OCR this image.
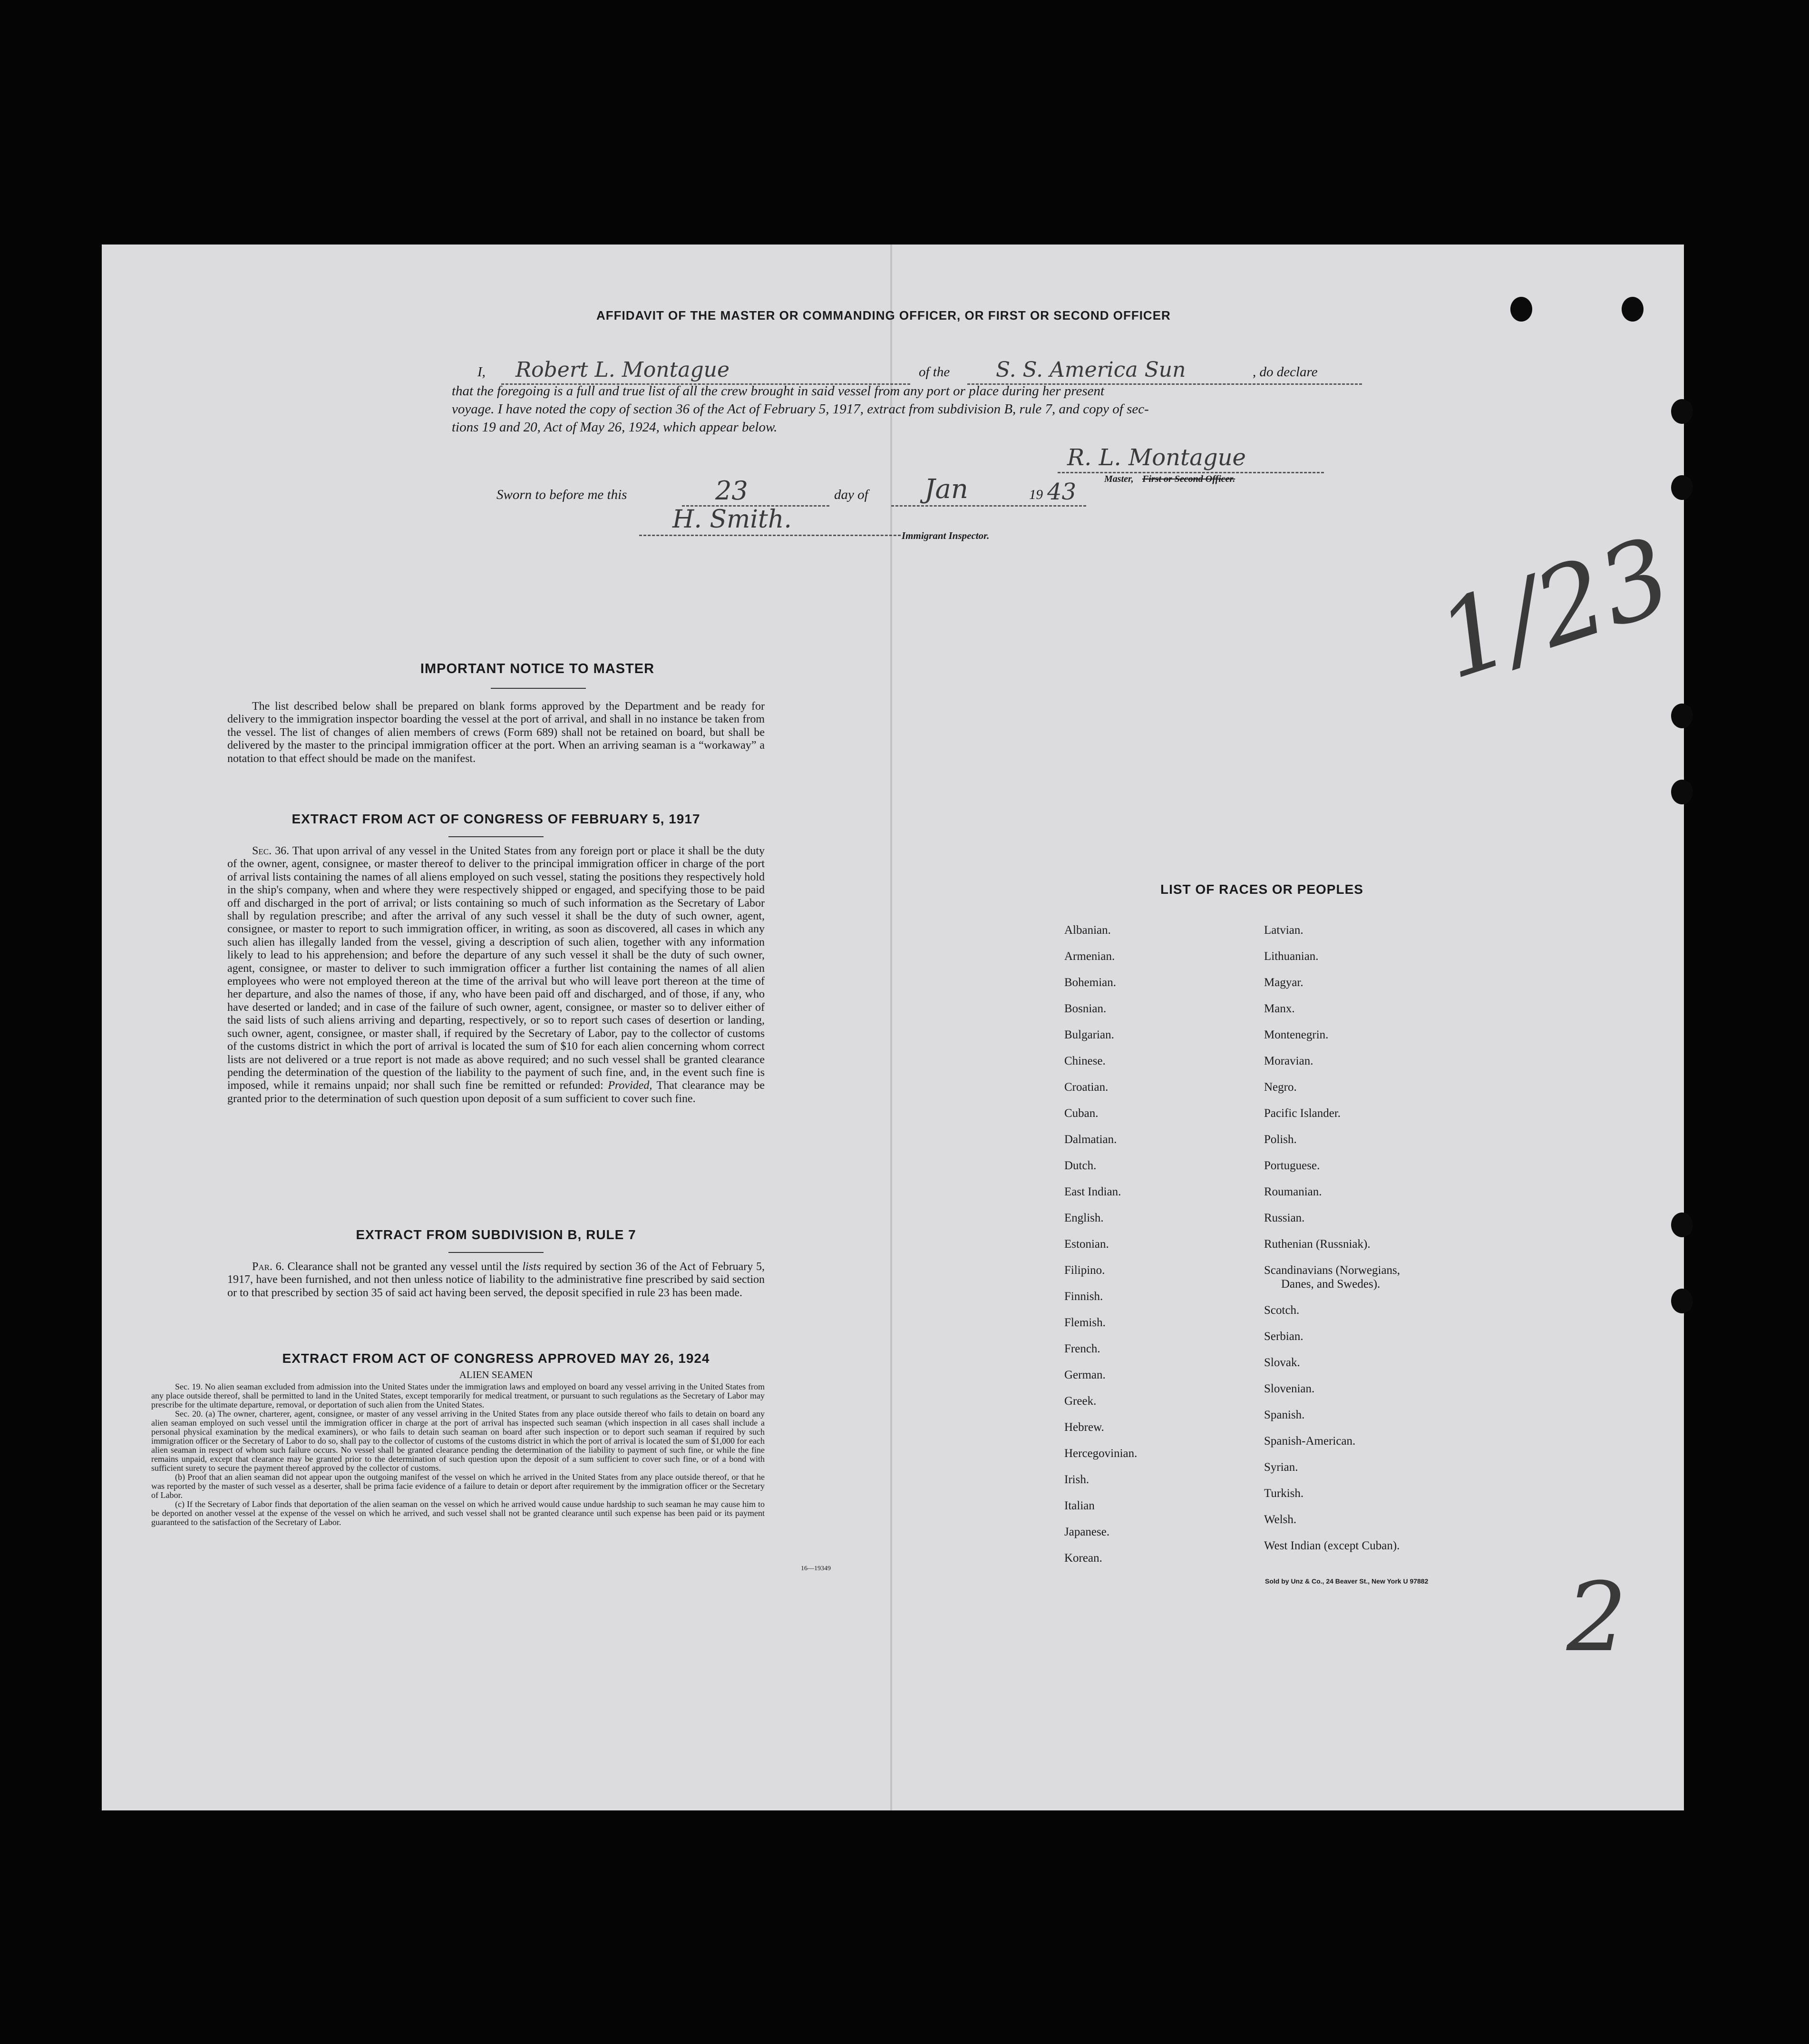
AFFIDAVIT OF THE MASTER OR COMMANDING OFFICER, OR FIRST OR SECOND OFFICER
I, Robert L. Montague	of the S. S. America Sun	, do declare
that the foregoing is a full and true list of all the crew brought in said vessel from any port or place during her present
voyage. I have noted the copy of section 36 of the Act of February 5, 1917, extract from subdivision B, rule 7, and copy of sec-
tions 19 and 20, Act of May 26, 1924, which appear below.
R. L. Montague
Master, First or Second Officer.
Sworn to before me this	23	day of Jan	19 43
H. Smith.
Immigrant Inspector.	1/23
2
IMPORTANT NOTICE TO MASTER
The list described below shall be prepared on blank forms approved by the Department and be ready for delivery to the immigration inspector boarding the vessel at the port of arrival, and shall in no instance be taken from the vessel. The list of changes of alien members of crews (Form 689) shall not be retained on board, but shall be delivered by the master to the principal immigration officer at the port. When an arriving seaman is a “workaway” a notation to that effect should be made on the manifest.
EXTRACT FROM ACT OF CONGRESS OF FEBRUARY 5, 1917
Sec. 36. That upon arrival of any vessel in the United States from any foreign port or place it shall be the duty of the owner, agent, consignee, or master thereof to deliver to the principal immigration officer in charge of the port of arrival lists containing the names of all aliens employed on such vessel, stating the positions they respectively hold in the ship's company, when and where they were respectively shipped or engaged, and specifying those to be paid off and discharged in the port of arrival; or lists containing so much of such information as the Secretary of Labor shall by regulation prescribe; and after the arrival of any such vessel it shall be the duty of such owner, agent, consignee, or master to report to such immigration officer, in writing, as soon as discovered, all cases in which any such alien has illegally landed from the vessel, giving a description of such alien, together with any information likely to lead to his apprehension; and before the departure of any such vessel it shall be the duty of such owner, agent, consignee, or master to deliver to such immigration officer a further list containing the names of all alien employees who were not employed thereon at the time of the arrival but who will leave port thereon at the time of her departure, and also the names of those, if any, who have been paid off and discharged, and of those, if any, who have deserted or landed; and in case of the failure of such owner, agent, consignee, or master so to deliver either of the said lists of such aliens arriving and departing, respectively, or so to report such cases of desertion or landing, such owner, agent, consignee, or master shall, if required by the Secretary of Labor, pay to the collector of customs of the customs district in which the port of arrival is located the sum of $10 for each alien concerning whom correct lists are not delivered or a true report is not made as above required; and no such vessel shall be granted clearance pending the determination of the question of the liability to the payment of such fine, and, in the event such fine is imposed, while it remains unpaid; nor shall such fine be remitted or refunded: Provided, That clearance may be granted prior to the determination of such question upon deposit of a sum sufficient to cover such fine.
EXTRACT FROM SUBDIVISION B, RULE 7
Par. 6. Clearance shall not be granted any vessel until the lists required by section 36 of the Act of February 5, 1917, have been furnished, and not then unless notice of liability to the administrative fine prescribed by said section or to that prescribed by section 35 of said act having been served, the deposit specified in rule 23 has been made.
EXTRACT FROM ACT OF CONGRESS APPROVED MAY 26, 1924
ALIEN SEAMEN
Sec. 19. No alien seaman excluded from admission into the United States under the immigration laws and employed on board any vessel arriving in the United States from any place outside thereof, shall be permitted to land in the United States, except temporarily for medical treatment, or pursuant to such regulations as the Secretary of Labor may prescribe for the ultimate departure, removal, or deportation of such alien from the United States.
Sec. 20. (a) The owner, charterer, agent, consignee, or master of any vessel arriving in the United States from any place outside thereof who fails to detain on board any alien seaman employed on such vessel until the immigration officer in charge at the port of arrival has inspected such seaman (which inspection in all cases shall include a personal physical examination by the medical examiners), or who fails to detain such seaman on board after such inspection or to deport such seaman if required by such immigration officer or the Secretary of Labor to do so, shall pay to the collector of customs of the customs district in which the port of arrival is located the sum of $1,000 for each alien seaman in respect of whom such failure occurs. No vessel shall be granted clearance pending the determination of the liability to payment of such fine, or while the fine remains unpaid, except that clearance may be granted prior to the determination of such question upon the deposit of a sum sufficient to cover such fine, or of a bond with sufficient surety to secure the payment thereof approved by the collector of customs.
(b) Proof that an alien seaman did not appear upon the outgoing manifest of the vessel on which he arrived in the United States from any place outside thereof, or that he was reported by the master of such vessel as a deserter, shall be prima facie evidence of a failure to detain or deport after requirement by the immigration officer or the Secretary of Labor.
(c) If the Secretary of Labor finds that deportation of the alien seaman on the vessel on which he arrived would cause undue hardship to such seaman he may cause him to be deported on another vessel at the expense of the vessel on which he arrived, and such vessel shall not be granted clearance until such expense has been paid or its payment guaranteed to the satisfaction of the Secretary of Labor.
16—19349
LIST OF RACES OR PEOPLES
Sold by Unz & Co., 24 Beaver St., New York U 97882
Albanian.
Armenian.
Bohemian.
Bosnian.
Bulgarian.
Chinese.
Croatian.
Cuban.
Dalmatian.
Dutch.
East Indian.
English.
Estonian.
Filipino.
Finnish.
Flemish.
French.
German.
Greek.
Hebrew.
Hercegovinian.
Irish.
Italian
Japanese.
Korean.
Latvian.
Lithuanian.
Magyar.
Manx.
Montenegrin.
Moravian.
Negro.
Pacific Islander.
Polish.
Portuguese.
Roumanian.
Russian.
Ruthenian (Russniak).
Scandinavians (Norwegians,
Danes, and Swedes).
Scotch.
Serbian.
Slovak.
Slovenian.
Spanish.
Spanish-American.
Syrian.
Turkish.
Welsh.
West Indian (except Cuban).
